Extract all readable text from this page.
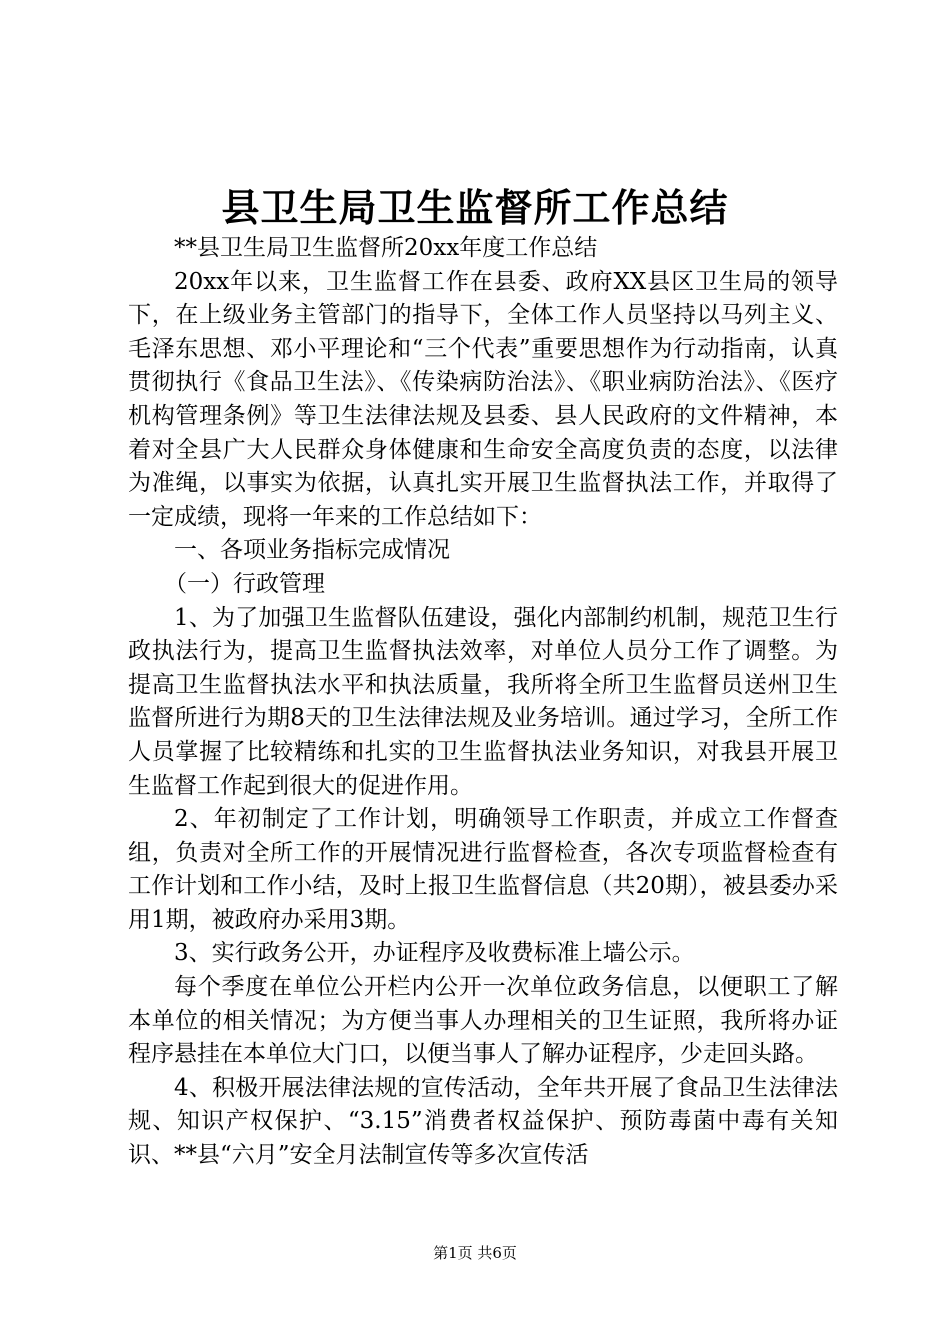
县卫生局卫生监督所工作总结

**县卫生局卫生监督所20xx年度工作总结

20xx年以来，卫生监督工作在县委、政府XX县区卫生局的领导下，在上级业务主管部门的指导下，全体工作人员坚持以马列主义、毛泽东思想、邓小平理论和“三个代表”重要思想作为行动指南，认真贯彻执行《食品卫生法》、《传染病防治法》、《职业病防治法》、《医疗机构管理条例》等卫生法律法规及县委、县人民政府的文件精神，本着对全县广大人民群众身体健康和生命安全高度负责的态度，以法律为准绳，以事实为依据，认真扎实开展卫生监督执法工作，并取得了一定成绩，现将一年来的工作总结如下：

一、各项业务指标完成情况

（一）行政管理

1、为了加强卫生监督队伍建设，强化内部制约机制，规范卫生行政执法行为，提高卫生监督执法效率，对单位人员分工作了调整。为提高卫生监督执法水平和执法质量，我所将全所卫生监督员送州卫生监督所进行为期8天的卫生法律法规及业务培训。通过学习，全所工作人员掌握了比较精练和扎实的卫生监督执法业务知识，对我县开展卫生监督工作起到很大的促进作用。

2、年初制定了工作计划，明确领导工作职责，并成立工作督查组，负责对全所工作的开展情况进行监督检查，各次专项监督检查有工作计划和工作小结，及时上报卫生监督信息（共20期），被县委办采用1期，被政府办采用3期。

3、实行政务公开，办证程序及收费标准上墙公示。

每个季度在单位公开栏内公开一次单位政务信息，以便职工了解本单位的相关情况；为方便当事人办理相关的卫生证照，我所将办证程序悬挂在本单位大门口，以便当事人了解办证程序，少走回头路。

4、积极开展法律法规的宣传活动，全年共开展了食品卫生法律法规、知识产权保护、“3.15”消费者权益保护、预防毒菌中毒有关知识、**县“六月”安全月法制宣传等多次宣传活

第1页 共6页
